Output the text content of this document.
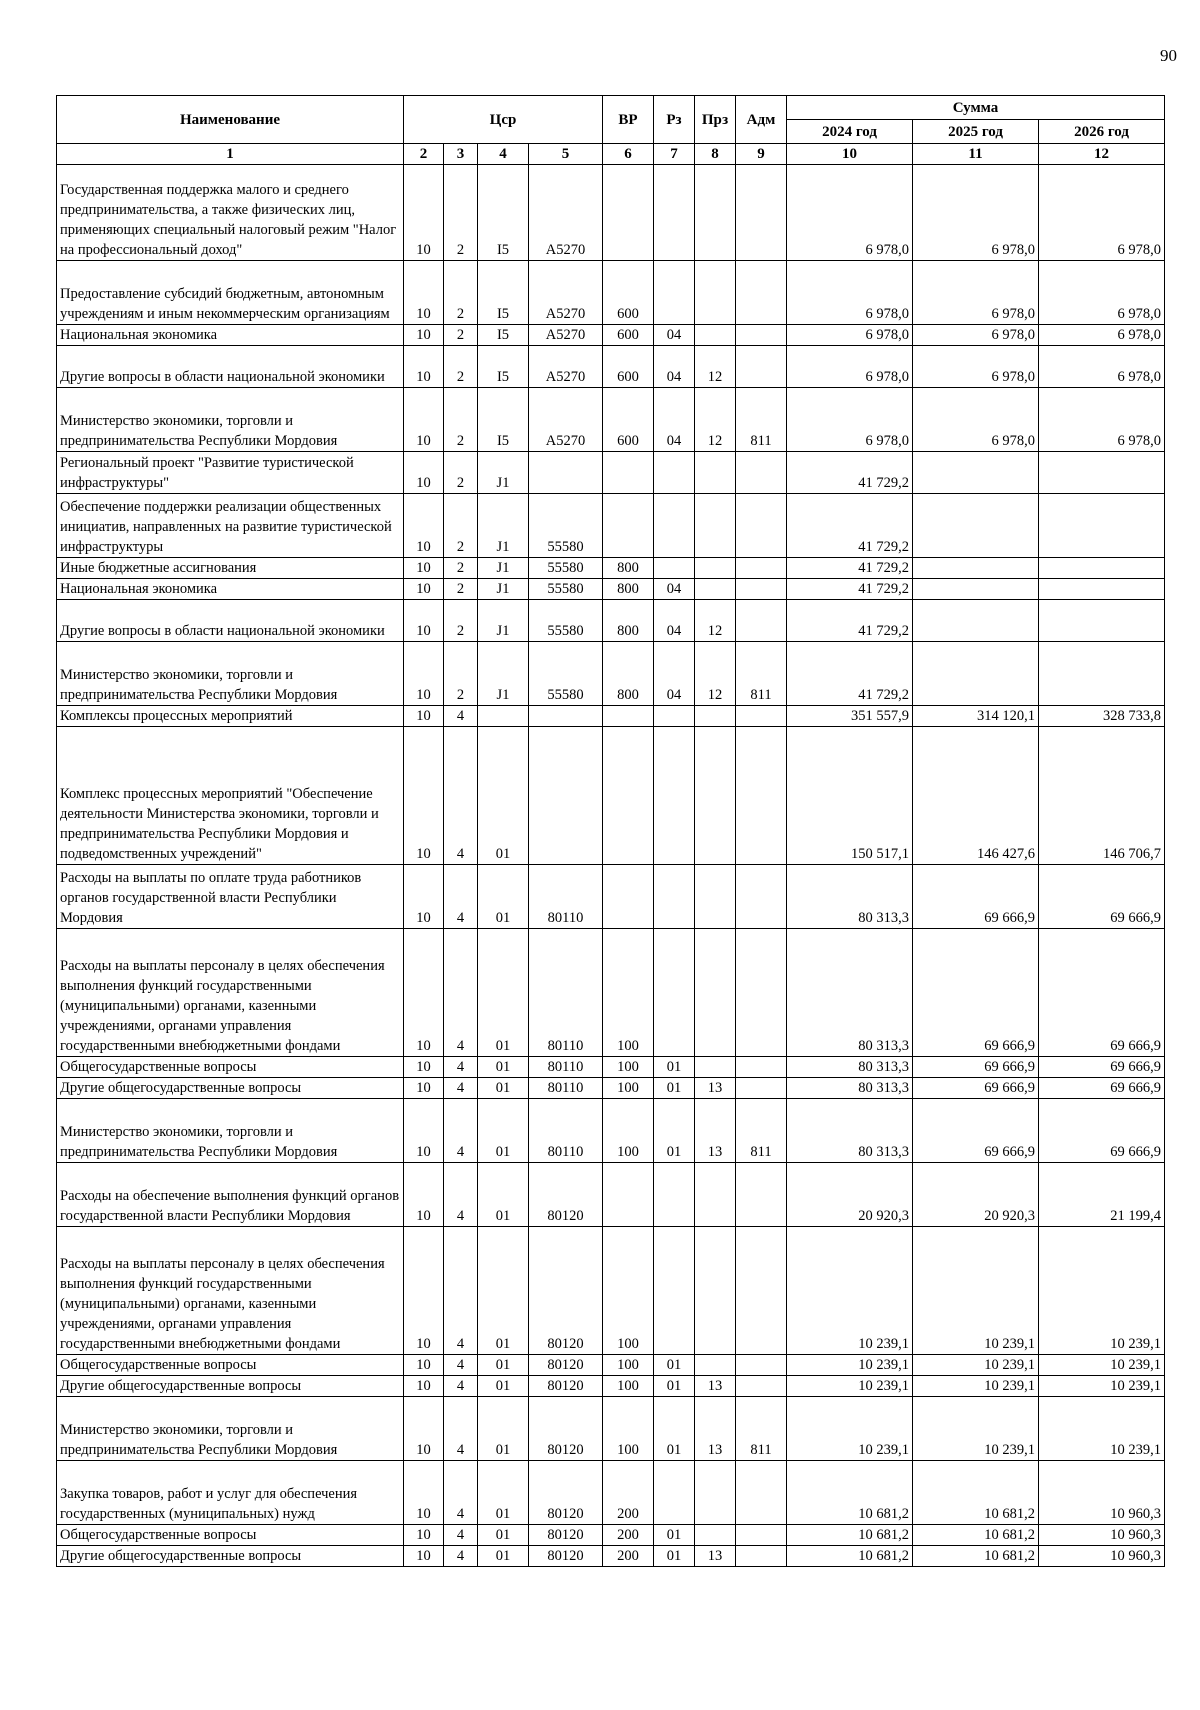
90
Наименование	Цср				ВР	Рз	Прз	Адм	Сумма		
									2024 год	2025 год	2026 год
1	2	3	4	5	6	7	8	9	10	11	12
Государственная поддержка малого и среднего предпринимательства, а также физических лиц, применяющих специальный налоговый режим "Налог на профессиональный доход"	10	2	I5	A5270					6 978,0	6 978,0	6 978,0
Предоставление субсидий бюджетным, автономным учреждениям и иным некоммерческим организациям	10	2	I5	A5270	600				6 978,0	6 978,0	6 978,0
Национальная экономика	10	2	I5	A5270	600	04			6 978,0	6 978,0	6 978,0
Другие вопросы в области национальной экономики	10	2	I5	A5270	600	04	12		6 978,0	6 978,0	6 978,0
Министерство экономики, торговли и предпринимательства Республики Мордовия	10	2	I5	A5270	600	04	12	811	6 978,0	6 978,0	6 978,0
Региональный проект "Развитие туристической инфраструктуры"	10	2	J1						41 729,2		
Обеспечение поддержки реализации общественных инициатив, направленных на развитие туристической инфраструктуры	10	2	J1	55580					41 729,2		
Иные бюджетные ассигнования	10	2	J1	55580	800				41 729,2		
Национальная экономика	10	2	J1	55580	800	04			41 729,2		
Другие вопросы в области национальной экономики	10	2	J1	55580	800	04	12		41 729,2		
Министерство экономики, торговли и предпринимательства Республики Мордовия	10	2	J1	55580	800	04	12	811	41 729,2		
Комплексы процессных мероприятий	10	4							351 557,9	314 120,1	328 733,8
Комплекс процессных мероприятий "Обеспечение деятельности Министерства экономики, торговли и предпринимательства Республики Мордовия и подведомственных учреждений"	10	4	01						150 517,1	146 427,6	146 706,7
Расходы на выплаты по оплате труда работников органов государственной власти Республики Мордовия	10	4	01	80110					80 313,3	69 666,9	69 666,9
Расходы на выплаты персоналу в целях обеспечения выполнения функций государственными (муниципальными) органами, казенными учреждениями, органами управления государственными внебюджетными фондами	10	4	01	80110	100				80 313,3	69 666,9	69 666,9
Общегосударственные вопросы	10	4	01	80110	100	01			80 313,3	69 666,9	69 666,9
Другие общегосударственные вопросы	10	4	01	80110	100	01	13		80 313,3	69 666,9	69 666,9
Министерство экономики, торговли и предпринимательства Республики Мордовия	10	4	01	80110	100	01	13	811	80 313,3	69 666,9	69 666,9
Расходы на обеспечение выполнения функций органов государственной власти Республики Мордовия	10	4	01	80120					20 920,3	20 920,3	21 199,4
Расходы на выплаты персоналу в целях обеспечения выполнения функций государственными (муниципальными) органами, казенными учреждениями, органами управления государственными внебюджетными фондами	10	4	01	80120	100				10 239,1	10 239,1	10 239,1
Общегосударственные вопросы	10	4	01	80120	100	01			10 239,1	10 239,1	10 239,1
Другие общегосударственные вопросы	10	4	01	80120	100	01	13		10 239,1	10 239,1	10 239,1
Министерство экономики, торговли и предпринимательства Республики Мордовия	10	4	01	80120	100	01	13	811	10 239,1	10 239,1	10 239,1
Закупка товаров, работ и услуг для обеспечения государственных (муниципальных) нужд	10	4	01	80120	200				10 681,2	10 681,2	10 960,3
Общегосударственные вопросы	10	4	01	80120	200	01			10 681,2	10 681,2	10 960,3
Другие общегосударственные вопросы	10	4	01	80120	200	01	13		10 681,2	10 681,2	10 960,3
